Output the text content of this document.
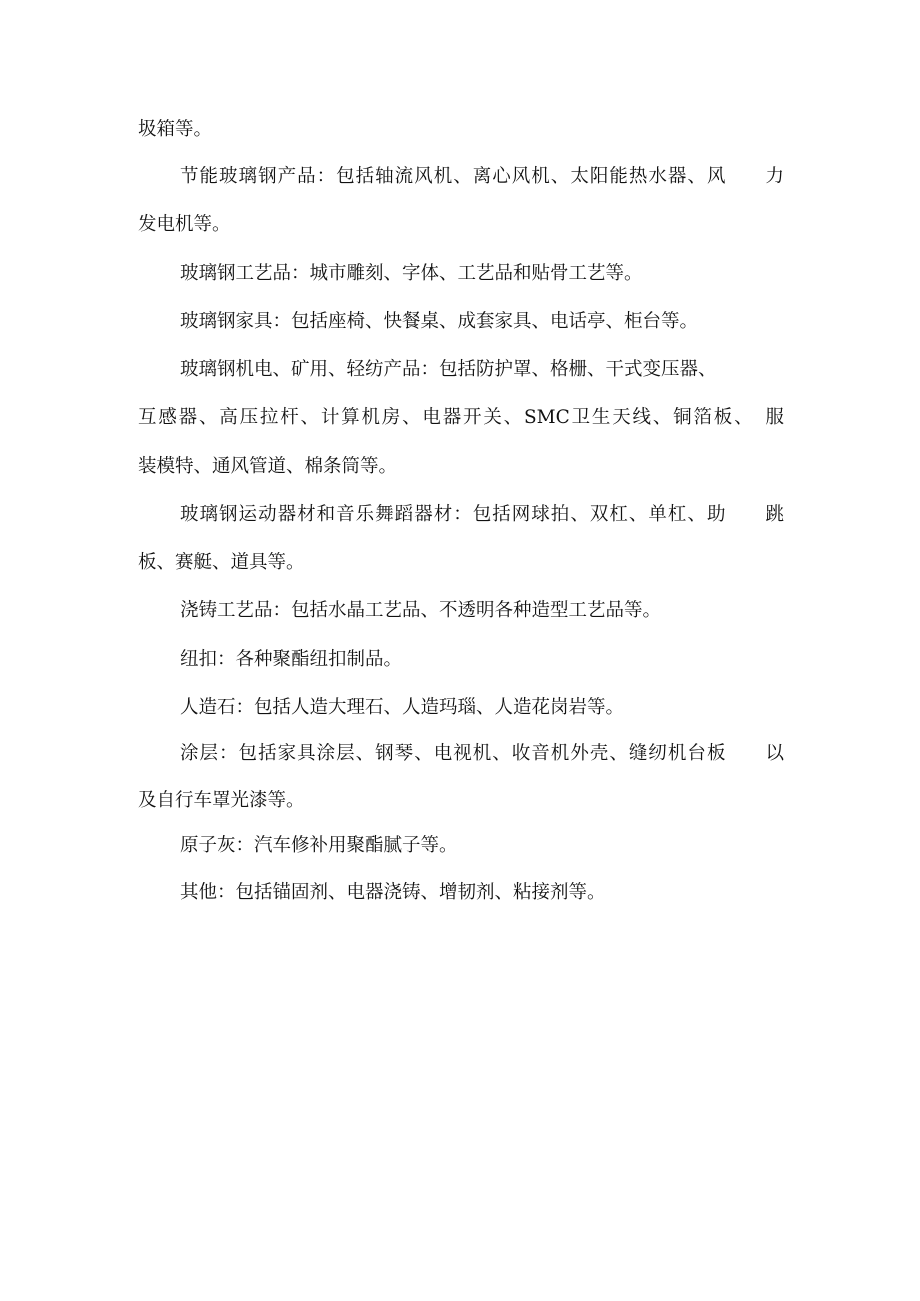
圾箱等。
节能玻璃钢产品：包括轴流风机、离心风机、太阳能热水器、风　　力
发电机等。
玻璃钢工艺品：城市雕刻、字体、工艺品和贴骨工艺等。
玻璃钢家具：包括座椅、快餐桌、成套家具、电话亭、柜台等。
玻璃钢机电、矿用、轻纺产品：包括防护罩、格栅、干式变压器、
互感器、高压拉杆、计算机房、电器开关、SMC卫生天线、铜箔板、　服
装模特、通风管道、棉条筒等。
玻璃钢运动器材和音乐舞蹈器材：包括网球拍、双杠、单杠、助　　跳
板、赛艇、道具等。
浇铸工艺品：包括水晶工艺品、不透明各种造型工艺品等。
纽扣：各种聚酯纽扣制品。
人造石：包括人造大理石、人造玛瑙、人造花岗岩等。
涂层：包括家具涂层、钢琴、电视机、收音机外壳、缝纫机台板　　以
及自行车罩光漆等。
原子灰：汽车修补用聚酯腻子等。
其他：包括锚固剂、电器浇铸、增韧剂、粘接剂等。
